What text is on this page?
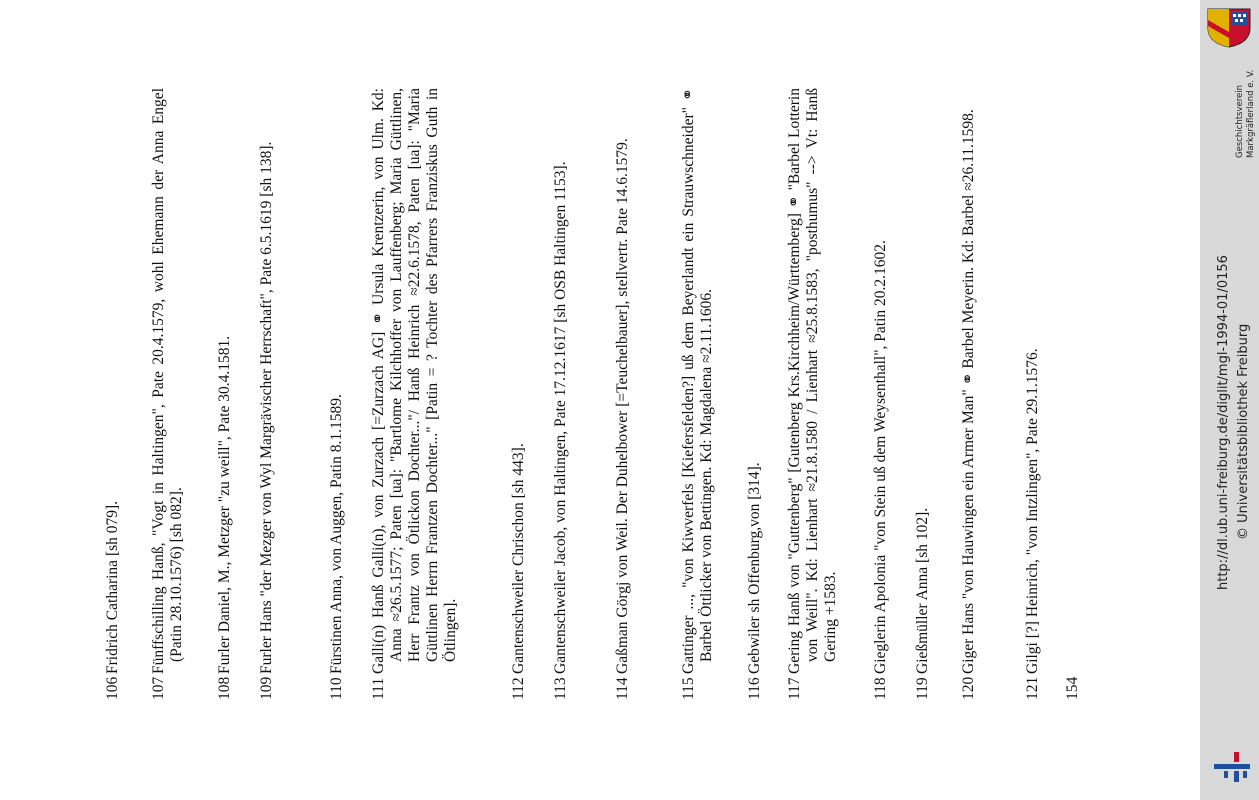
106
Fridrich Catharina [sh 079].
107
Fünffschilling Hanß, "Vogt in Haltingen", Pate 20.4.1579, wohl Ehemann der Anna Engel (Patin 28.10.1576) [sh 082].
108
Furler Daniel, M., Metzger "zu weill", Pate 30.4.1581.
109
Furler Hans "der Mezger von Wyl Margrävischer Herrschaft", Pate 6.5.1619 [sh 138].
110
Fürstinen Anna, von Auggen, Patin 8.1.1589.
111
Galli(n) Hanß Galli(n), von Zurzach [=Zurzach AG] ⚭ Ursula Krentzerin, von Ulm. Kd: Anna ≈26.5.1577; Paten [ua]: "Bartlome Kilchhoffer von Lauffenberg; Maria Güttlinen, Herr Frantz von Ötlickon Dochter..."/ Hanß Heinrich ≈22.6.1578, Paten [ua]: "Maria Güttlinen Herrn Frantzen Dochter..." [Patin = ? Tochter des Pfarrers Franziskus Guth in Ötlingen].
112
Gantenschweiler Chrischon [sh 443].
113
Gantenschweiler Jacob, von Haltingen, Pate 17.12.1617 [sh OSB Haltingen 1153].
114
Gaßman Görgj von Weil. Der Duhelbower [=Teuchelbauer], stellvertr. Pate 14.6.1579.
115
Gattinger ..., "von Kiwverfels [Kiefersfelden?] uß dem Beyerlandt ein Strauwschneider" ⚭ Barbel Öttlicker von Bettingen. Kd: Magdalena ≈2.11.1606.
116
Gebwiler sh Offenburg,von [314].
117
Gering Hanß von "Guttenberg" [Gutenberg Krs.Kirchheim/Württemberg] ⚭ "Barbel Lotterin von Weill". Kd: Lienhart ≈21.8.1580 / Lienhart ≈25.8.1583, "posthumus" --> Vt: Hanß Gering +1583.
118
Gieglerin Apolonia "von Stein uß dem Weysenthall", Patin 20.2.1602.
119
Gießmüller Anna [sh 102].
120
Giger Hans "von Hauwingen ein Armer Man" ⚭ Barbel Meyerin. Kd: Barbel ≈26.11.1598.
121
Gilgi [?] Heinrich, "von Intzlingen", Pate 29.1.1576.
154
http://dl.ub.uni-freiburg.de/diglit/mgl-1994-01/0156 © Universitätsbibliothek Freiburg
Geschichtsverein Markgräflerland e. V.
